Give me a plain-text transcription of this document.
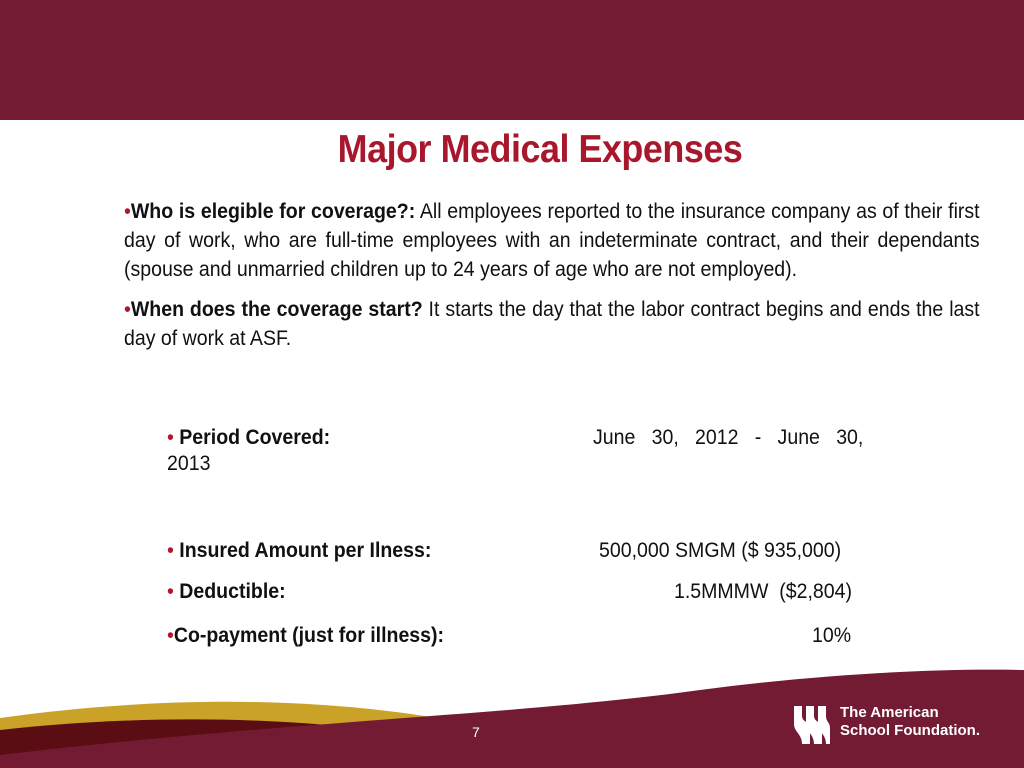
Major Medical Expenses
•Who is elegible for coverage?: All employees reported to the insurance company as of their first day of work, who are full-time employees with an indeterminate contract, and their dependants (spouse and unmarried children up to 24 years of age who are not employed).
•When does the coverage start? It starts the day that the labor contract begins and ends the last day of work at ASF.
• Period Covered:	June   30,   2012   -   June   30,
2013
• Insured Amount per Ilness:	500,000 SMGM ($ 935,000)
• Deductible:	1.5MMMW  ($2,804)
•Co-payment (just for illness):	10%
7
The American
School Foundation.
